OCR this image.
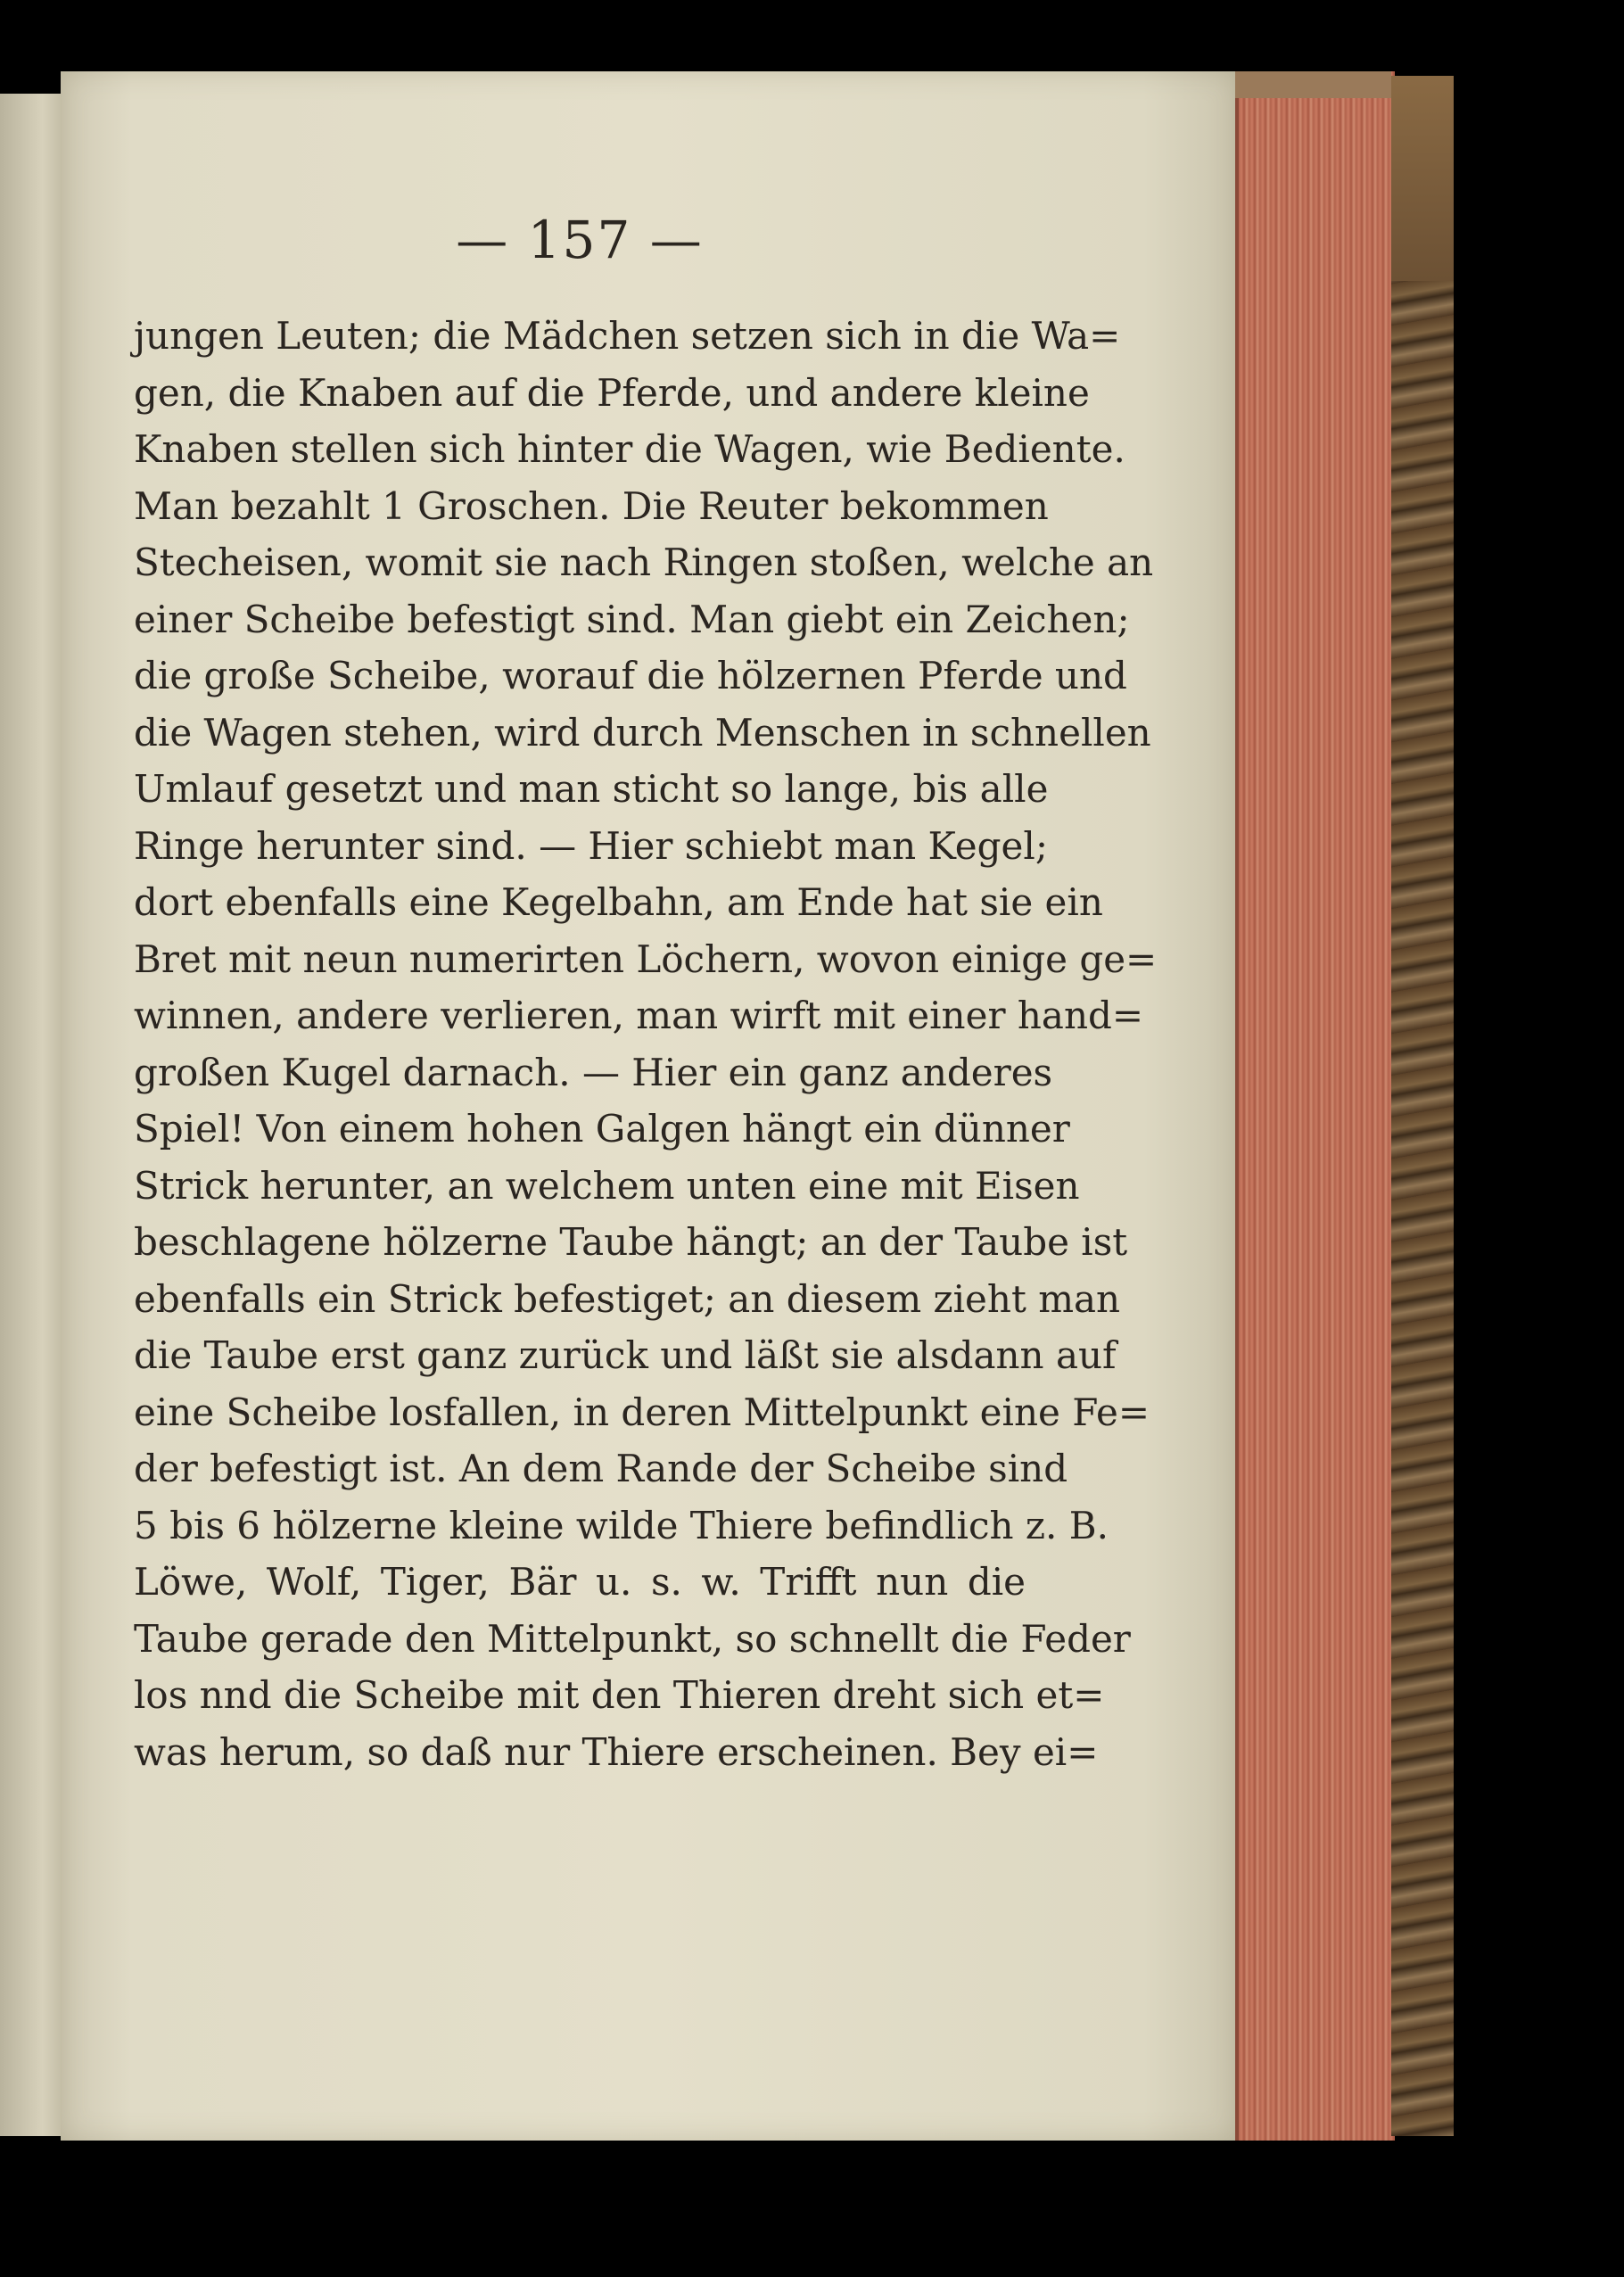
— 157 —
jungen Leuten; die Mädchen setzen sich in die Wa=
gen, die Knaben auf die Pferde, und andere kleine
Knaben stellen sich hinter die Wagen, wie Bediente.
Man bezahlt 1 Groschen. Die Reuter bekommen
Stecheisen, womit sie nach Ringen stoßen, welche an
einer Scheibe befestigt sind. Man giebt ein Zeichen;
die große Scheibe, worauf die hölzernen Pferde und
die Wagen stehen, wird durch Menschen in schnellen
Umlauf gesetzt und man sticht so lange, bis alle
Ringe herunter sind. — Hier schiebt man Kegel;
dort ebenfalls eine Kegelbahn, am Ende hat sie ein
Bret mit neun numerirten Löchern, wovon einige ge=
winnen, andere verlieren, man wirft mit einer hand=
großen Kugel darnach. — Hier ein ganz anderes
Spiel! Von einem hohen Galgen hängt ein dünner
Strick herunter, an welchem unten eine mit Eisen
beschlagene hölzerne Taube hängt; an der Taube ist
ebenfalls ein Strick befestiget; an diesem zieht man
die Taube erst ganz zurück und läßt sie alsdann auf
eine Scheibe losfallen, in deren Mittelpunkt eine Fe=
der befestigt ist. An dem Rande der Scheibe sind
5 bis 6 hölzerne kleine wilde Thiere befindlich z. B.
Löwe, Wolf, Tiger, Bär u. s. w. Trifft nun die
Taube gerade den Mittelpunkt, so schnellt die Feder
los nnd die Scheibe mit den Thieren dreht sich et=
was herum, so daß nur Thiere erscheinen. Bey ei=
